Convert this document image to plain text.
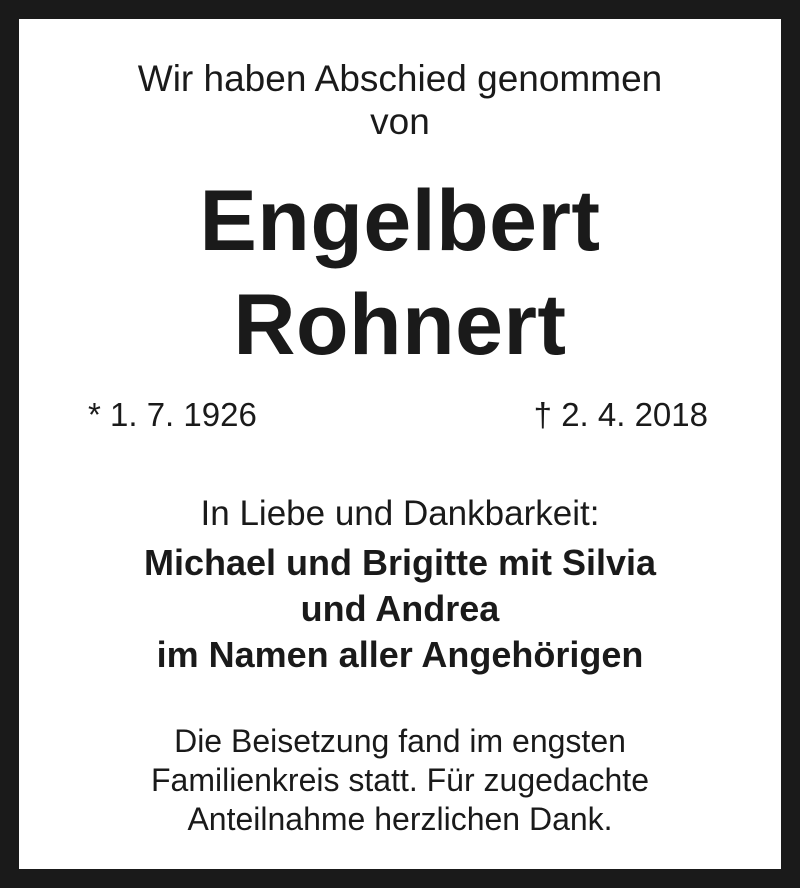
Wir haben Abschied genommen
von
Engelbert
Rohnert
* 1. 7. 1926	† 2. 4. 2018
In Liebe und Dankbarkeit:
Michael und Brigitte mit Silvia
und Andrea
im Namen aller Angehörigen
Die Beisetzung fand im engsten
Familienkreis statt. Für zugedachte
Anteilnahme herzlichen Dank.
